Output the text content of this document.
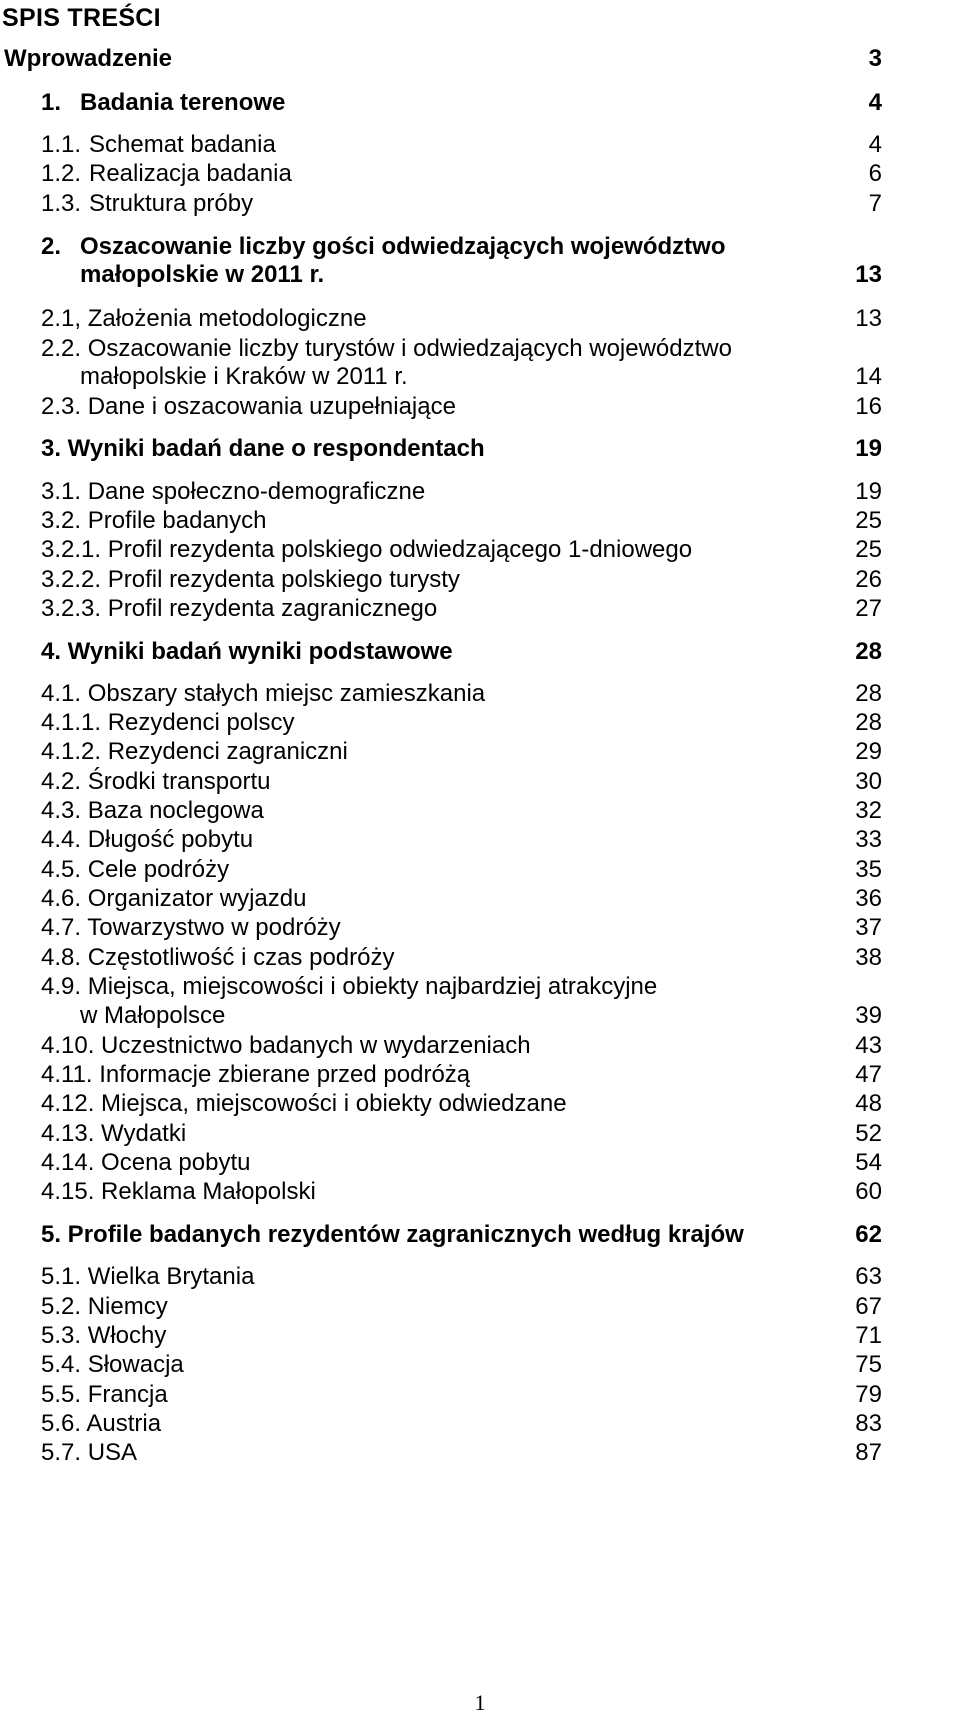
SPIS TREŚCI
Wprowadzenie	3
1. Badania terenowe	4
1.1. Schemat badania	4
1.2. Realizacja badania	6
1.3. Struktura próby	7
2. Oszacowanie liczby gości odwiedzających województwo
małopolskie w 2011 r.	13
2.1, Założenia metodologiczne	13
2.2. Oszacowanie liczby turystów i odwiedzających województwo
małopolskie i Kraków w 2011 r.	14
2.3. Dane i oszacowania uzupełniające	16
3. Wyniki badań dane o respondentach	19
3.1. Dane społeczno-demograficzne	19
3.2. Profile badanych	25
3.2.1. Profil rezydenta polskiego odwiedzającego 1-dniowego	25
3.2.2. Profil rezydenta polskiego turysty	26
3.2.3. Profil rezydenta zagranicznego	27
4. Wyniki badań wyniki podstawowe	28
4.1. Obszary stałych miejsc zamieszkania	28
4.1.1. Rezydenci polscy	28
4.1.2. Rezydenci zagraniczni	29
4.2. Środki transportu	30
4.3. Baza noclegowa	32
4.4. Długość pobytu	33
4.5. Cele podróży	35
4.6. Organizator wyjazdu	36
4.7. Towarzystwo w podróży	37
4.8. Częstotliwość i czas podróży	38
4.9. Miejsca, miejscowości i obiekty najbardziej atrakcyjne
w Małopolsce	39
4.10. Uczestnictwo badanych w wydarzeniach	43
4.11. Informacje zbierane przed podróżą	47
4.12. Miejsca, miejscowości i obiekty odwiedzane	48
4.13. Wydatki	52
4.14. Ocena pobytu	54
4.15. Reklama Małopolski	60
5. Profile badanych rezydentów zagranicznych według krajów	62
5.1. Wielka Brytania	63
5.2. Niemcy	67
5.3. Włochy	71
5.4. Słowacja	75
5.5. Francja	79
5.6. Austria	83
5.7. USA	87
1
